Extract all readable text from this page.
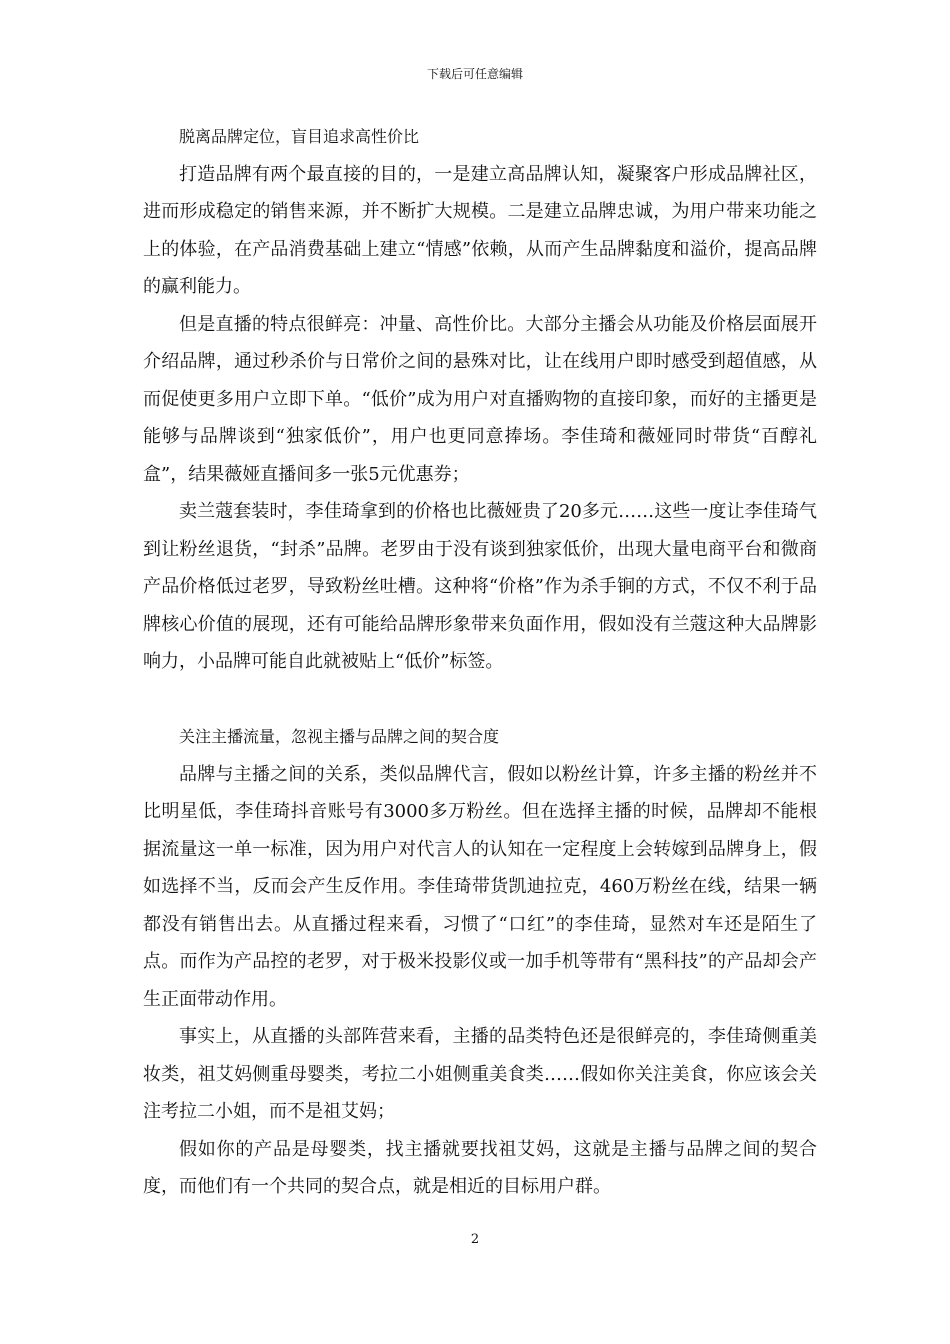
下载后可任意编辑

脱离品牌定位，盲目追求高性价比

打造品牌有两个最直接的目的，一是建立高品牌认知，凝聚客户形成品牌社区，进而形成稳定的销售来源，并不断扩大规模。二是建立品牌忠诚，为用户带来功能之上的体验，在产品消费基础上建立“情感”依赖，从而产生品牌黏度和溢价，提高品牌的赢利能力。

但是直播的特点很鲜亮：冲量、高性价比。大部分主播会从功能及价格层面展开介绍品牌，通过秒杀价与日常价之间的悬殊对比，让在线用户即时感受到超值感，从而促使更多用户立即下单。“低价”成为用户对直播购物的直接印象，而好的主播更是能够与品牌谈到“独家低价”，用户也更同意捧场。李佳琦和薇娅同时带货“百醇礼盒”，结果薇娅直播间多一张5元优惠券；

卖兰蔻套装时，李佳琦拿到的价格也比薇娅贵了20多元……这些一度让李佳琦气到让粉丝退货，“封杀”品牌。老罗由于没有谈到独家低价，出现大量电商平台和微商产品价格低过老罗，导致粉丝吐槽。这种将“价格”作为杀手锏的方式，不仅不利于品牌核心价值的展现，还有可能给品牌形象带来负面作用，假如没有兰蔻这种大品牌影响力，小品牌可能自此就被贴上“低价”标签。

关注主播流量，忽视主播与品牌之间的契合度

品牌与主播之间的关系，类似品牌代言，假如以粉丝计算，许多主播的粉丝并不比明星低，李佳琦抖音账号有3000多万粉丝。但在选择主播的时候，品牌却不能根据流量这一单一标准，因为用户对代言人的认知在一定程度上会转嫁到品牌身上，假如选择不当，反而会产生反作用。李佳琦带货凯迪拉克，460万粉丝在线，结果一辆都没有销售出去。从直播过程来看，习惯了“口红”的李佳琦，显然对车还是陌生了点。而作为产品控的老罗，对于极米投影仪或一加手机等带有“黑科技”的产品却会产生正面带动作用。

事实上，从直播的头部阵营来看，主播的品类特色还是很鲜亮的，李佳琦侧重美妆类，祖艾妈侧重母婴类，考拉二小姐侧重美食类……假如你关注美食，你应该会关注考拉二小姐，而不是祖艾妈；

假如你的产品是母婴类，找主播就要找祖艾妈，这就是主播与品牌之间的契合度，而他们有一个共同的契合点，就是相近的目标用户群。

2
